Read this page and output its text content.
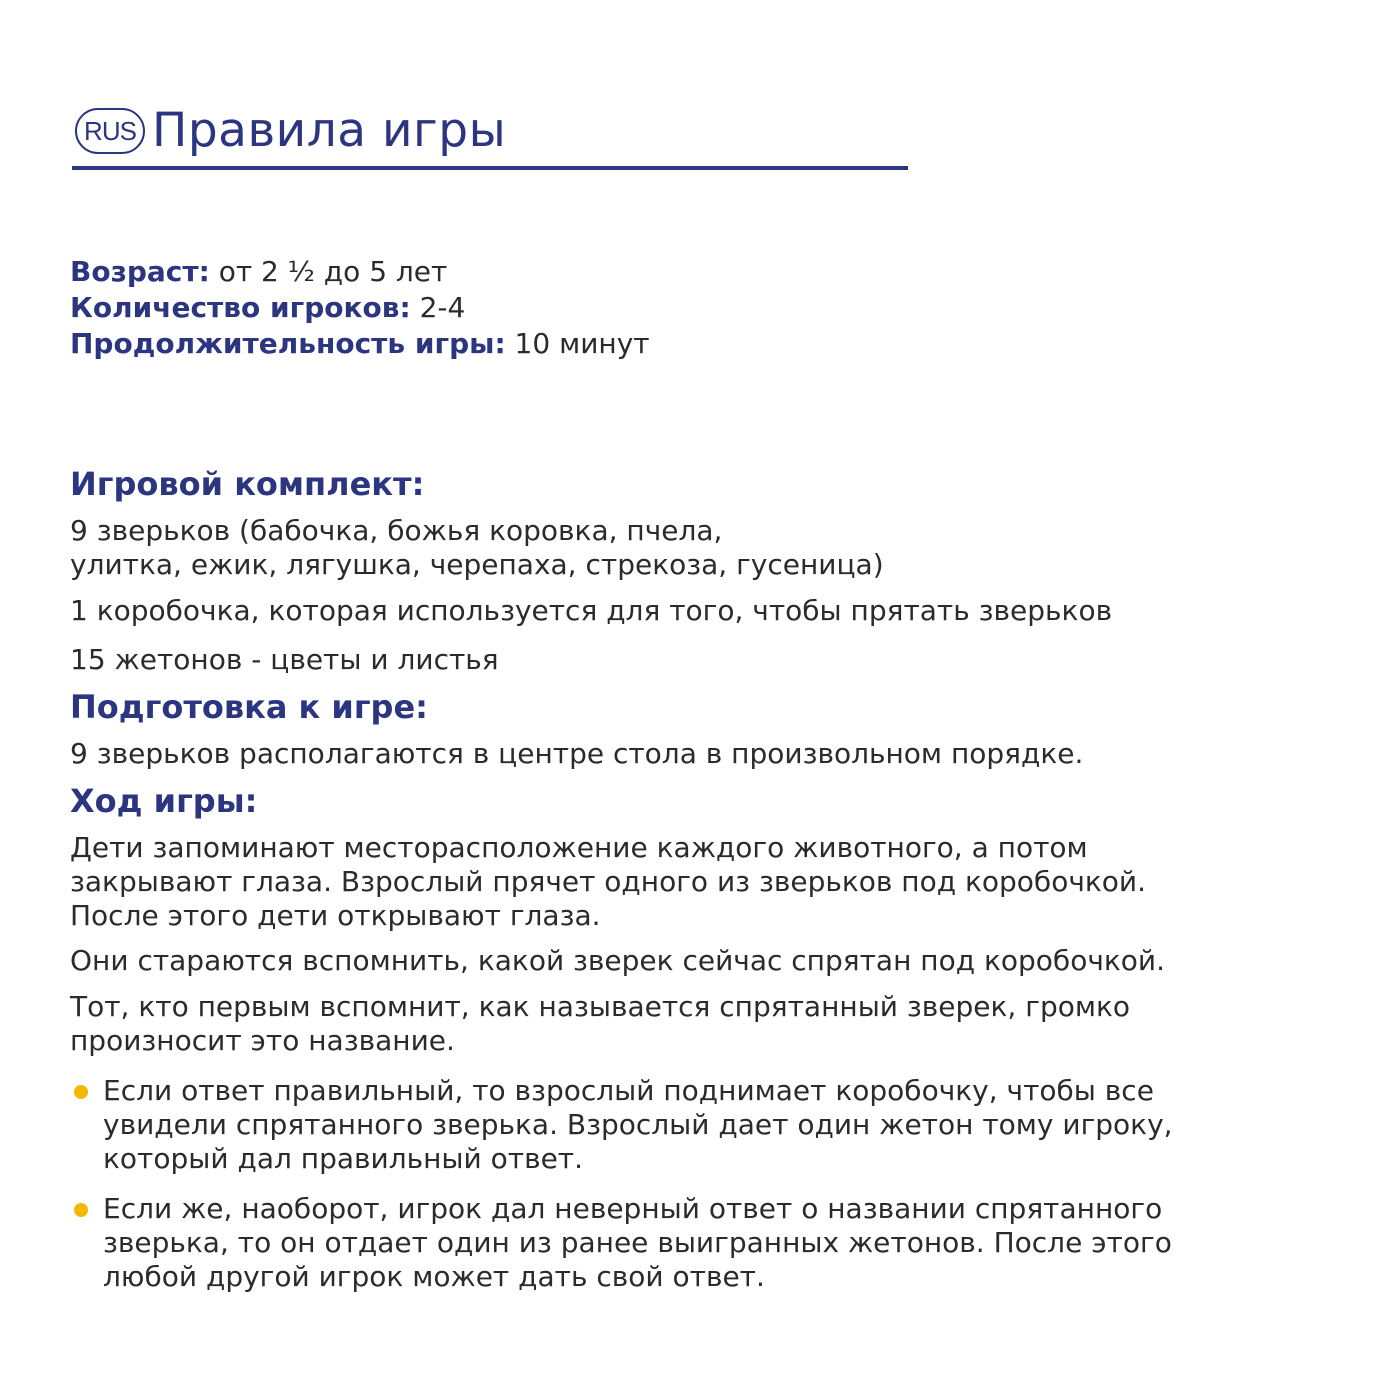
RUS Правила игры
Возраст: от 2 ½ до 5 лет
Количество игроков: 2-4
Продолжительность игры: 10 минут
Игровой комплект:

9 зверьков (бабочка, божья коровка, пчела,

улитка, ежик, лягушка, черепаха, стрекоза, гусеница)

1 коробочка, которая используется для того, чтобы прятать зверьков

15 жетонов - цветы и листья

Подготовка к игре:

9 зверьков располагаются в центре стола в произвольном порядке.

Ход игры:

Дети запоминают месторасположение каждого животного, а потом закрывают глаза. Взрослый прячет одного из зверьков под коробочкой. После этого дети открывают глаза.

Они стараются вспомнить, какой зверек сейчас спрятан под коробочкой.

Тот, кто первым вспомнит, как называется спрятанный зверек, громко произносит это название.

Если ответ правильный, то взрослый поднимает коробочку, чтобы все увидели спрятанного зверька. Взрослый дает один жетон тому игроку, который дал правильный ответ.

Если же, наоборот, игрок дал неверный ответ о названии спрятанного зверька, то он отдает один из ранее выигранных жетонов. После этого любой другой игрок может дать свой ответ.
